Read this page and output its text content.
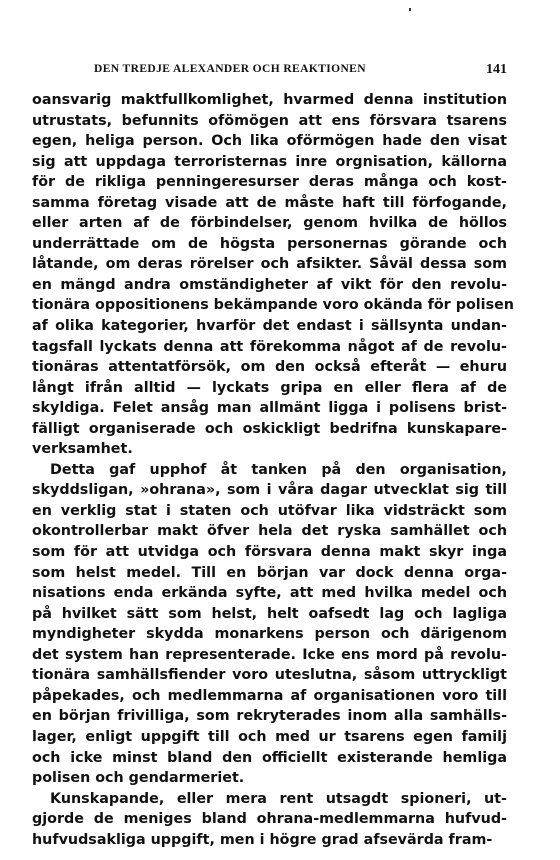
DEN TREDJE ALEXANDER OCH REAKTIONEN	141
oansvarig maktfullkomlighet, hvarmed denna institution
utrustats, befunnits ofömögen att ens försvara tsarens
egen, heliga person. Och lika oförmögen hade den visat
sig att uppdaga terroristernas inre orgnisation, källorna
för de rikliga penningeresurser deras många och kost-
samma företag visade att de måste haft till förfogande,
eller arten af de förbindelser, genom hvilka de höllos
underrättade om de högsta personernas görande och
låtande, om deras rörelser och afsikter. Såväl dessa som
en mängd andra omständigheter af vikt för den revolu-
tionära oppositionens bekämpande voro okända för polisen
af olika kategorier, hvarför det endast i sällsynta undan-
tagsfall lyckats denna att förekomma något af de revolu-
tionäras attentatförsök, om den också efteråt — ehuru
långt ifrån alltid — lyckats gripa en eller flera af de
skyldiga. Felet ansåg man allmänt ligga i polisens brist-
fälligt organiserade och oskickligt bedrifna kunskapare-
verksamhet.
Detta gaf upphof åt tanken på den organisation,
skyddsligan, »ohrana», som i våra dagar utvecklat sig till
en verklig stat i staten och utöfvar lika vidsträckt som
okontrollerbar makt öfver hela det ryska samhället och
som för att utvidga och försvara denna makt skyr inga
som helst medel. Till en början var dock denna orga-
nisations enda erkända syfte, att med hvilka medel och
på hvilket sätt som helst, helt oafsedt lag och lagliga
myndigheter skydda monarkens person och därigenom
det system han representerade. Icke ens mord på revolu-
tionära samhällsfiender voro uteslutna, såsom uttryckligt
påpekades, och medlemmarna af organisationen voro till
en början frivilliga, som rekryterades inom alla samhälls-
lager, enligt uppgift till och med ur tsarens egen familj
och icke minst bland den officiellt existerande hemliga
polisen och gendarmeriet.
Kunskapande, eller mera rent utsagdt spioneri, ut-
gjorde de meniges bland ohrana-medlemmarna hufvud-
hufvudsakliga uppgift, men i högre grad afsevärda fram-
